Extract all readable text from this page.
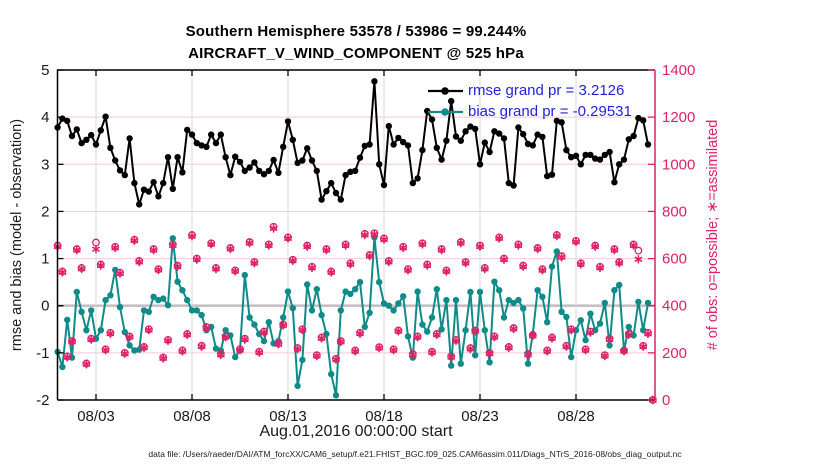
5
4
3
2
1
0
-1
-2
1400
1200
1000
800
600
400
200
0
08/03	08/08	08/13	08/18	08/23	08/28
Southern Hemisphere 53578 / 53986 = 99.244%
AIRCRAFT_V_WIND_COMPONENT @ 525 hPa
rmse and bias (model - observation)	# of obs: o=possible; ∗=assimilated
Aug.01,2016 00:00:00 start
data file: /Users/raeder/DAI/ATM_forcXX/CAM6_setup/f.e21.FHIST_BGC.f09_025.CAM6assim.011/Diags_NTrS_2016-08/obs_diag_output.nc
rmse grand pr = 3.2126
bias grand pr = -0.29531
